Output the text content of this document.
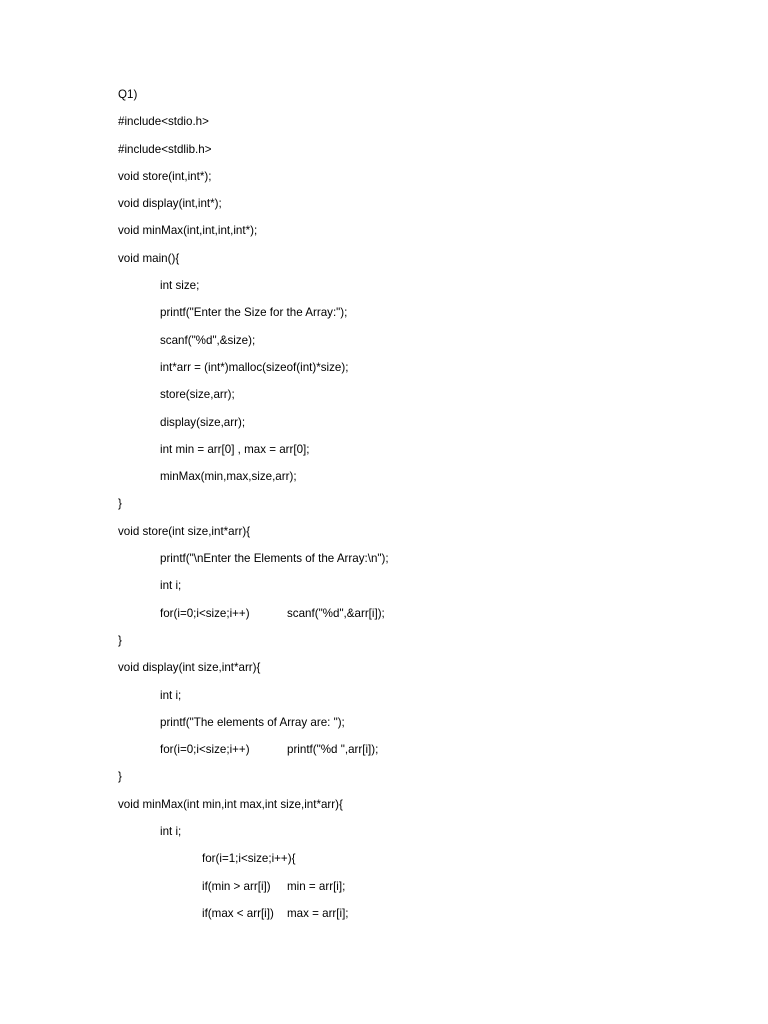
Q1)
#include<stdio.h>
#include<stdlib.h>
void store(int,int*);
void display(int,int*);
void minMax(int,int,int,int*);
void main(){
int size;
printf("Enter the Size for the Array:");
scanf("%d",&size);
int*arr = (int*)malloc(sizeof(int)*size);
store(size,arr);
display(size,arr);
int min = arr[0] , max = arr[0];
minMax(min,max,size,arr);
}
void store(int size,int*arr){
printf("\nEnter the Elements of the Array:\n");
int i;
for(i=0;i<size;i++)	scanf("%d",&arr[i]);
}
void display(int size,int*arr){
int i;
printf("The elements of Array are: ");
for(i=0;i<size;i++)	printf("%d ",arr[i]);
}
void minMax(int min,int max,int size,int*arr){
int i;
for(i=1;i<size;i++){
if(min > arr[i]) min = arr[i];
if(max < arr[i]) max = arr[i];
